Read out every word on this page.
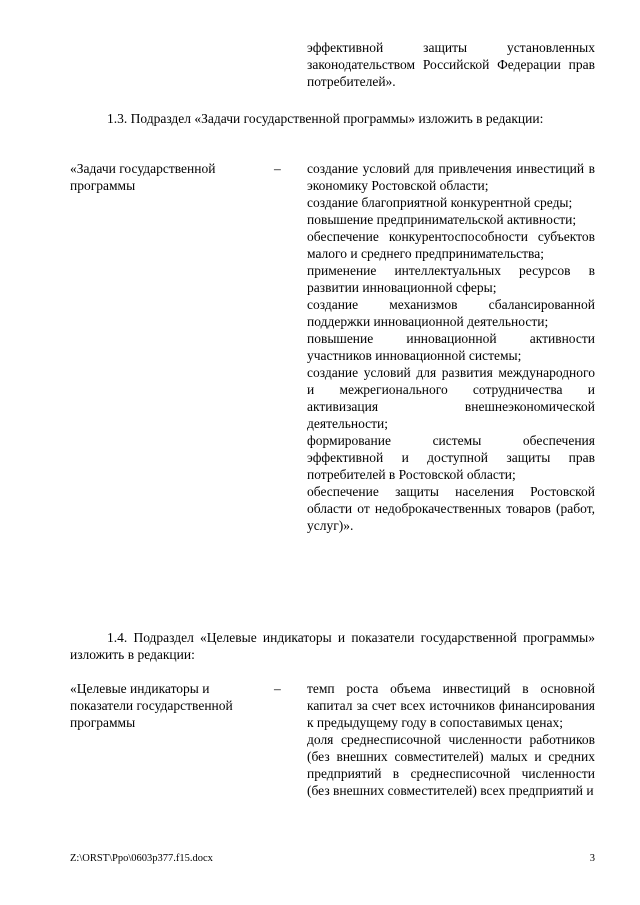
эффективной защиты установленных законодательством Российской Федерации прав потребителей».
1.3. Подраздел «Задачи государственной программы» изложить в редакции:
«Задачи государственной программы
– создание условий для привлечения инвестиций в экономику Ростовской области;
создание благоприятной конкурентной среды;
повышение предпринимательской активности;
обеспечение конкурентоспособности субъектов малого и среднего предпринимательства;
применение интеллектуальных ресурсов в развитии инновационной сферы;
создание механизмов сбалансированной поддержки инновационной деятельности;
повышение инновационной активности участников инновационной системы;
создание условий для развития международного и межрегионального сотрудничества и активизация внешнеэкономической деятельности;
формирование системы обеспечения эффективной и доступной защиты прав потребителей в Ростовской области;
обеспечение защиты населения Ростовской области от недоброкачественных товаров (работ, услуг)».
1.4. Подраздел «Целевые индикаторы и показатели государственной программы» изложить в редакции:
«Целевые индикаторы и показатели государственной программы
– темп роста объема инвестиций в основной капитал за счет всех источников финансирования к предыдущему году в сопоставимых ценах;
доля среднесписочной численности работников (без внешних совместителей) малых и средних предприятий в среднесписочной численности (без внешних совместителей) всех предприятий и
Z:\ORST\Ppo\0603p377.f15.docx	3
